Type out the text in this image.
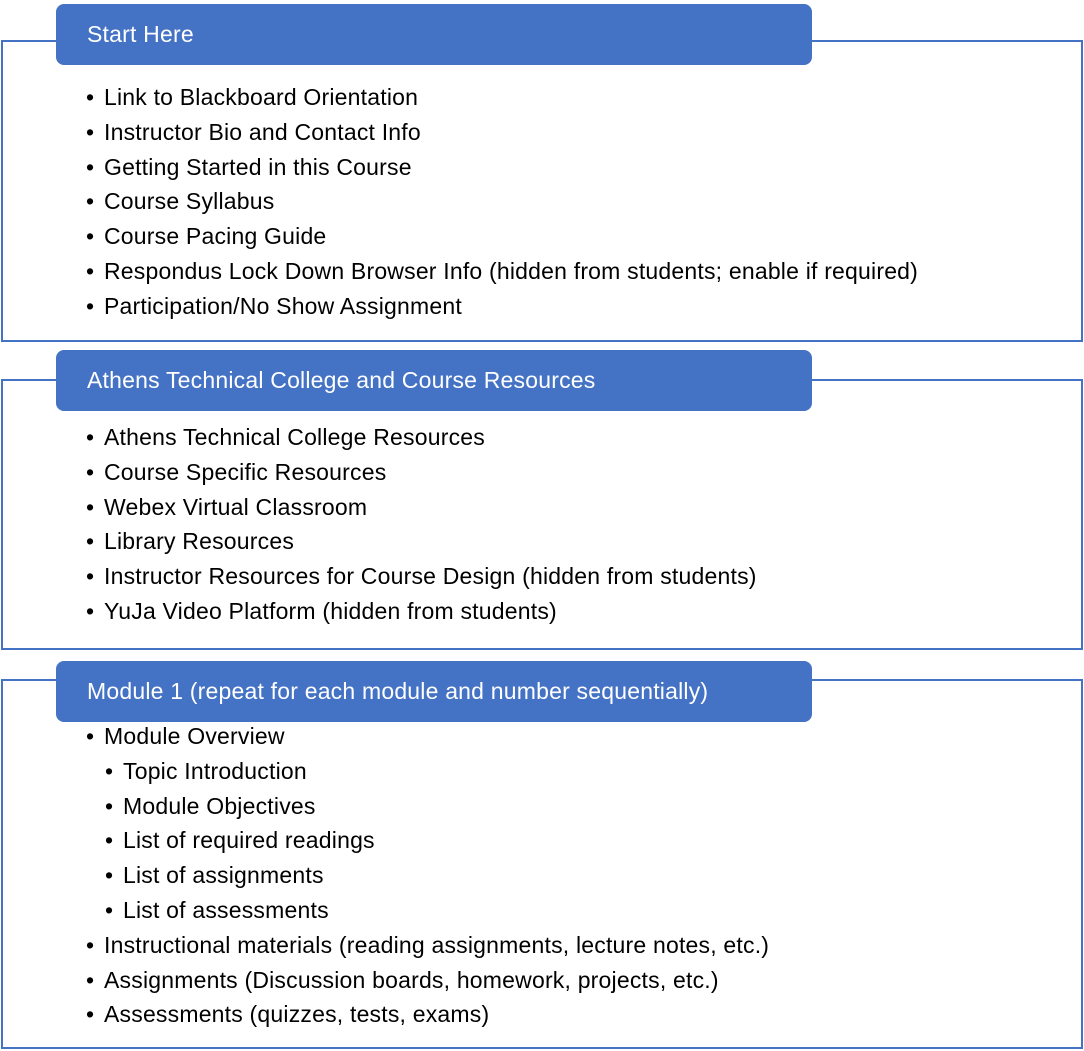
Start Here
• Link to Blackboard Orientation
• Instructor Bio and Contact Info
• Getting Started in this Course
• Course Syllabus
• Course Pacing Guide
• Respondus Lock Down Browser Info (hidden from students; enable if required)
• Participation/No Show Assignment
Athens Technical College and Course Resources
• Athens Technical College Resources
• Course Specific Resources
• Webex Virtual Classroom
• Library Resources
• Instructor Resources for Course Design (hidden from students)
• YuJa Video Platform (hidden from students)
Module 1 (repeat for each module and number sequentially)
• Module Overview
• Topic Introduction
• Module Objectives
• List of required readings
• List of assignments
• List of assessments
• Instructional materials (reading assignments, lecture notes, etc.)
• Assignments (Discussion boards, homework, projects, etc.)
• Assessments (quizzes, tests, exams)
